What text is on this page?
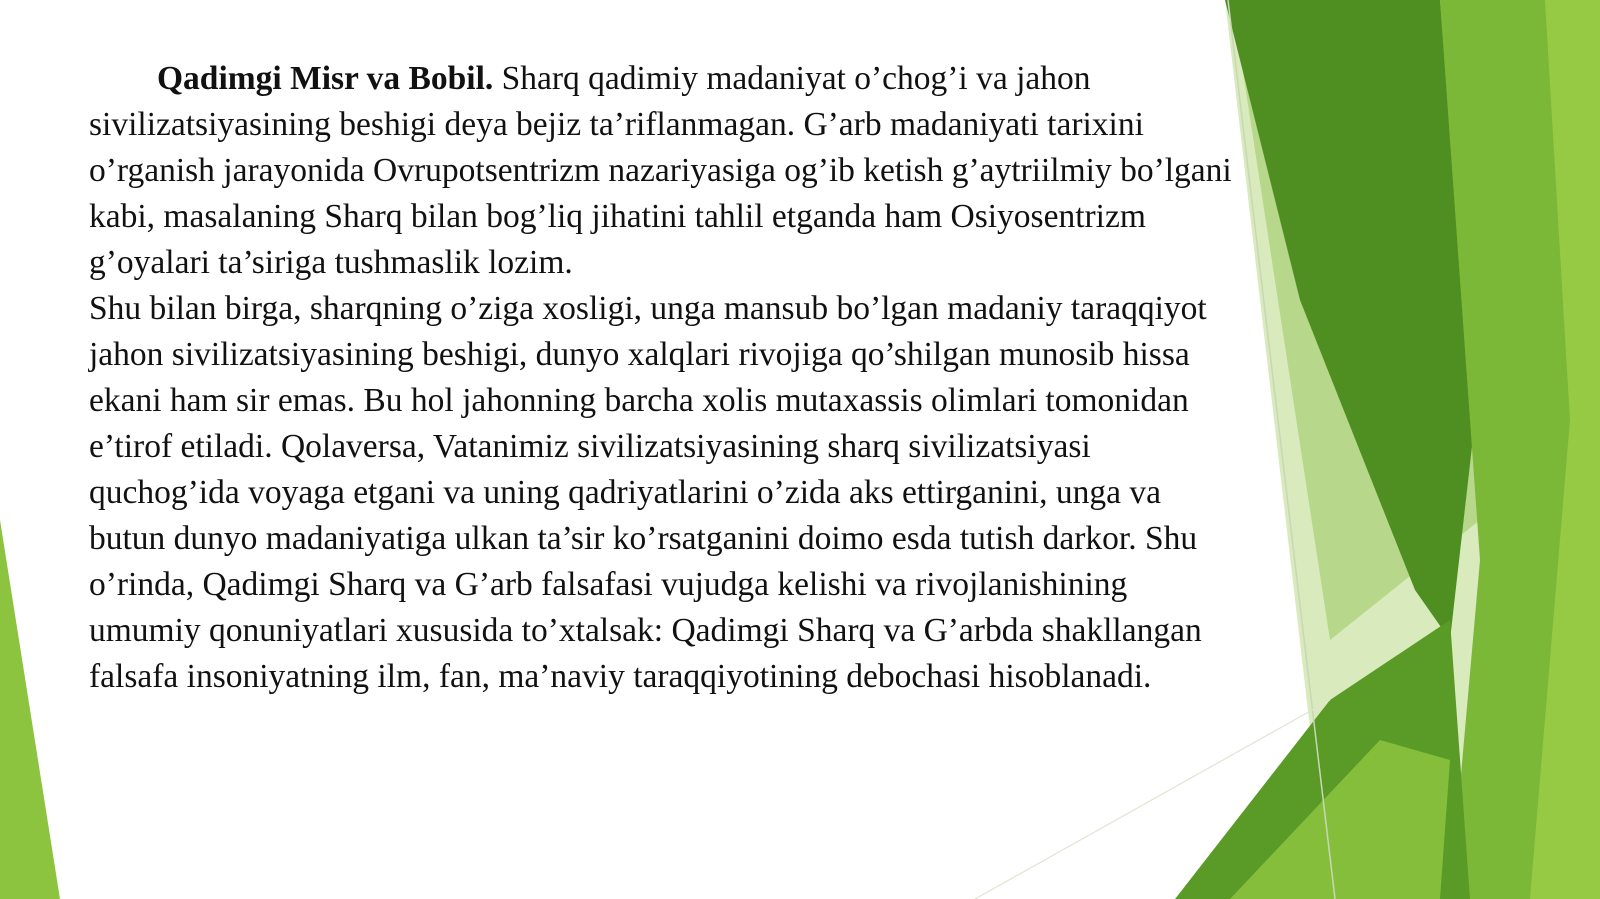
Qadimgi Misr va Bobil. Sharq qadimiy madaniyat o’chog’i va jahon sivilizatsiyasining beshigi deya bejiz ta’riflanmagan. G’arb madaniyati tarixini o’rganish jarayonida Ovrupotsentrizm nazariyasiga og’ib ketish g’aytriilmiy bo’lgani kabi, masalaning Sharq bilan bog’liq jihatini tahlil etganda ham Osiyosentrizm g’oyalari ta’siriga tushmaslik lozim.

Shu bilan birga, sharqning o’ziga xosligi, unga mansub bo’lgan madaniy taraqqiyot jahon sivilizatsiyasining beshigi, dunyo xalqlari rivojiga qo’shilgan munosib hissa ekani ham sir emas. Bu hol jahonning barcha xolis mutaxassis olimlari tomonidan e’tirof etiladi. Qolaversa, Vatanimiz sivilizatsiyasining sharq sivilizatsiyasi quchog’ida voyaga etgani va uning qadriyatlarini o’zida aks ettirganini, unga va butun dunyo madaniyatiga ulkan ta’sir ko’rsatganini doimo esda tutish darkor. Shu o’rinda, Qadimgi Sharq va G’arb falsafasi vujudga kelishi va rivojlanishining umumiy qonuniyatlari xususida to’xtalsak: Qadimgi Sharq va G’arbda shakllangan falsafa insoniyatning ilm, fan, ma’naviy taraqqiyotining debochasi hisoblanadi.
